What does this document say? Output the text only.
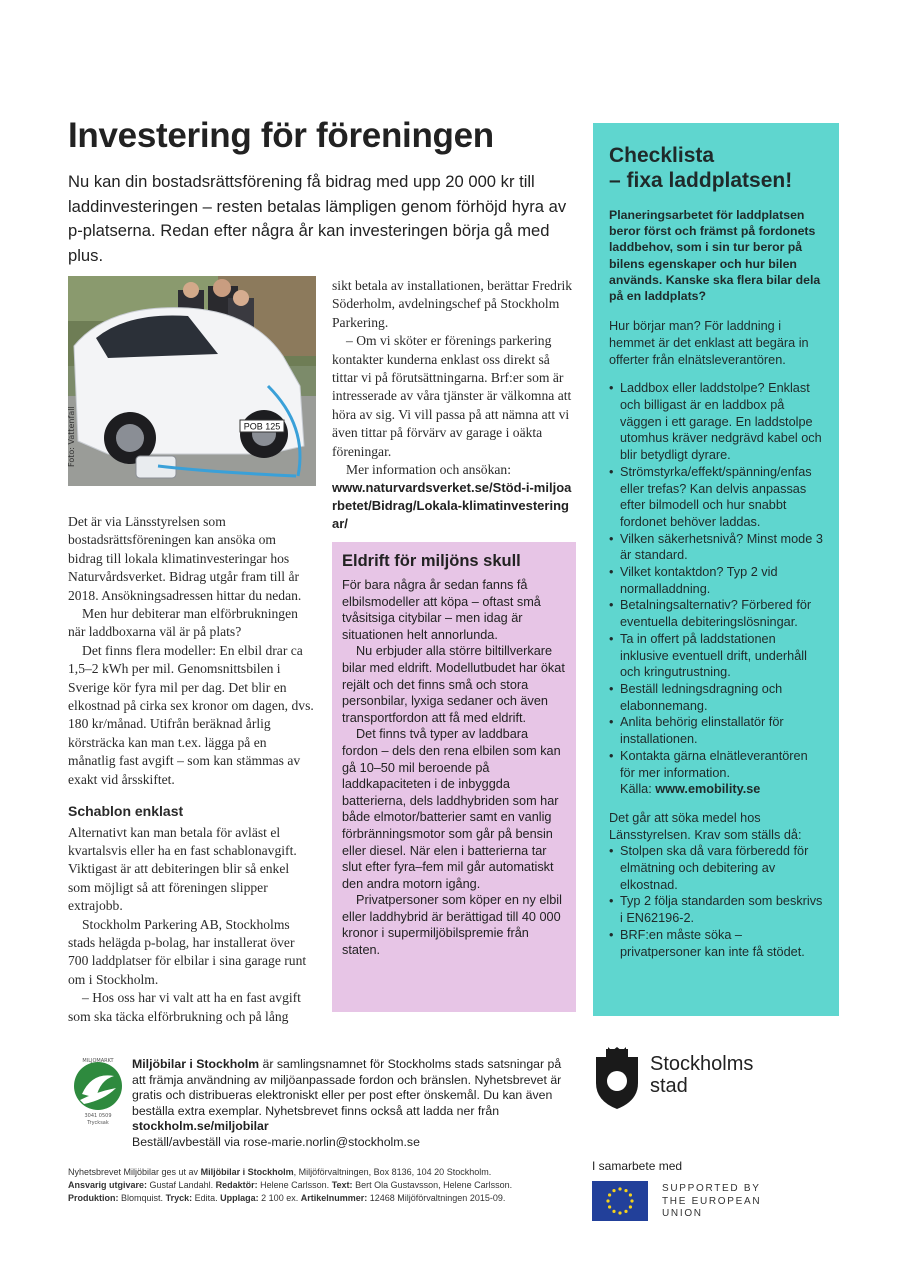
Investering för föreningen

Nu kan din bostadsrättsförening få bidrag med upp 20 000 kr till laddinvesteringen – resten betalas lämpligen genom förhöjd hyra av p-platserna. Redan efter några år kan investeringen börja gå med plus.

POB 125
Foto: Vattenfall

Det är via Länsstyrelsen som bostadsrättsföreningen kan ansöka om bidrag till lokala klimatinvesteringar hos Naturvårdsverket. Bidrag utgår fram till år 2018. Ansökningsadressen hittar du nedan.

Men hur debiterar man elförbrukningen när laddboxarna väl är på plats?

Det finns flera modeller: En elbil drar ca 1,5–2 kWh per mil. Genomsnittsbilen i Sverige kör fyra mil per dag. Det blir en elkostnad på cirka sex kronor om dagen, dvs. 180 kr/månad. Utifrån beräknad årlig körsträcka kan man t.ex. lägga på en månatlig fast avgift – som kan stämmas av exakt vid årsskiftet.

Schablon enklast

Alternativt kan man betala för avläst el kvartalsvis eller ha en fast schablonavgift. Viktigast är att debiteringen blir så enkel som möjligt så att föreningen slipper extrajobb.

Stockholm Parkering AB, Stockholms stads helägda p-bolag, har installerat över 700 laddplatser för elbilar i sina garage runt om i Stockholm.

– Hos oss har vi valt att ha en fast avgift som ska täcka elförbrukning och på lång

sikt betala av installationen, berättar Fredrik Söderholm, avdelningschef på Stockholm Parkering.

– Om vi sköter er förenings parkering kontakter kunderna enklast oss direkt så tittar vi på förutsättningarna. Brf:er som är intresserade av våra tjänster är välkomna att höra av sig. Vi vill passa på att nämna att vi även tittar på förvärv av garage i oäkta föreningar.

Mer information och ansökan:

www.naturvardsverket.se/Stöd-i-miljoarbetet/Bidrag/Lokala-klimatinvesteringar/
Eldrift för miljöns skull

För bara några år sedan fanns få elbilsmodeller att köpa – oftast små tvåsitsiga citybilar – men idag är situationen helt annorlunda.

Nu erbjuder alla större biltillverkare bilar med eldrift. Modellutbudet har ökat rejält och det finns små och stora personbilar, lyxiga sedaner och även transportfordon att få med eldrift.

Det finns två typer av laddbara fordon – dels den rena elbilen som kan gå 10–50 mil beroende på laddkapaciteten i de inbyggda batterierna, dels laddhybriden som har både elmotor/batterier samt en vanlig förbränningsmotor som går på bensin eller diesel. När elen i batterierna tar slut efter fyra–fem mil går automatiskt den andra motorn igång.

Privatpersoner som köper en ny elbil eller laddhybrid är berättigad till 40 000 kronor i supermiljöbilspremie från staten.

Checklista
– fixa laddplatsen!
Planeringsarbetet för laddplatsen beror först och främst på fordonets laddbehov, som i sin tur beror på bilens egenskaper och hur bilen används. Kanske ska flera bilar dela på en laddplats?
Hur börjar man? För laddning i hemmet är det enklast att begära in offerter från elnätsleverantören.
• Laddbox eller laddstolpe? Enklast och billigast är en laddbox på väggen i ett garage. En laddstolpe utomhus kräver nedgrävd kabel och blir betydligt dyrare.
• Strömstyrka/effekt/spänning/enfas eller trefas? Kan delvis anpassas efter bilmodell och hur snabbt fordonet behöver laddas.
• Vilken säkerhetsnivå? Minst mode 3 är standard.
• Vilket kontaktdon? Typ 2 vid normalladdning.
• Betalningsalternativ? Förbered för eventuella debiteringslösningar.
• Ta in offert på laddstationen inklusive eventuell drift, underhåll och kringutrustning.
• Beställ ledningsdragning och elabonnemang.
• Anlita behörig elinstallatör för installationen.
• Kontakta gärna elnätleverantören för mer information.
Källa: www.emobility.se
Det går att söka medel hos Länsstyrelsen. Krav som ställs då:
• Stolpen ska då vara förberedd för elmätning och debitering av elkostnad.
• Typ 2 följa standarden som beskrivs i EN62196-2.
• BRF:en måste söka – privatpersoner kan inte få stödet.
MILJÖMÄRKT
3041 0509
Trycksak
Miljöbilar i Stockholm är samlingsnamnet för Stockholms stads satsningar på att främja användning av miljöanpassade fordon och bränslen. Nyhetsbrevet är gratis och distribueras elektroniskt eller per post efter önskemål. Du kan även beställa extra exemplar. Nyhetsbrevet finns också att ladda ner från stockholm.se/miljobilar
Beställ/avbeställ via rose-marie.norlin@stockholm.se
Nyhetsbrevet Miljöbilar ges ut av Miljöbilar i Stockholm, Miljöförvaltningen, Box 8136, 104 20 Stockholm.
Ansvarig utgivare: Gustaf Landahl. Redaktör: Helene Carlsson. Text: Bert Ola Gustavsson, Helene Carlsson.
Produktion: Blomquist. Tryck: Edita. Upplaga: 2 100 ex. Artikelnummer: 12468 Miljöförvaltningen 2015-09.
Stockholms
stad
I samarbete med
SUPPORTED BY
THE EUROPEAN
UNION
